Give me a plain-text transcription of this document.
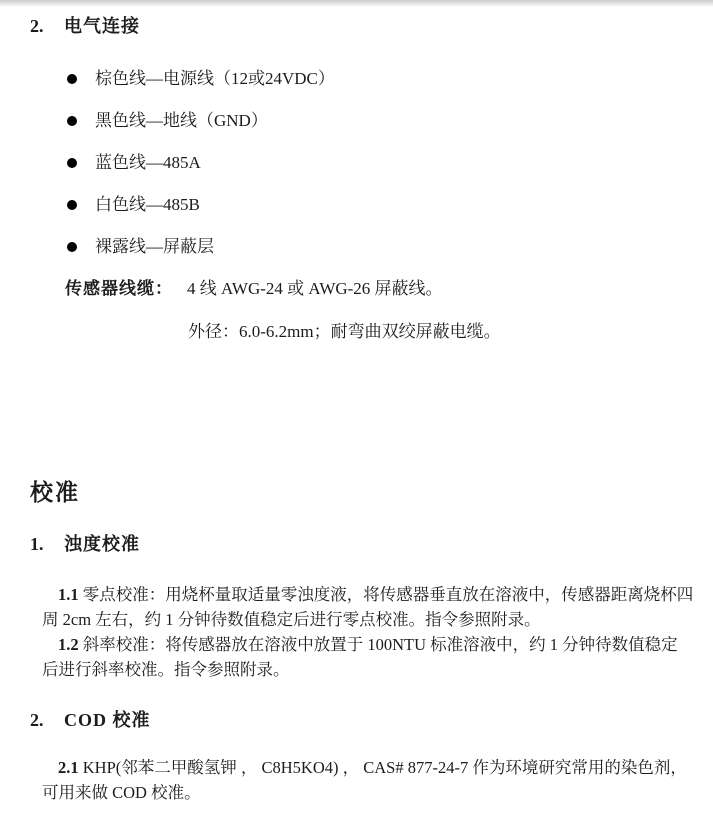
2. 电气连接
棕色线—电源线（12或24VDC）
黑色线—地线（GND）
蓝色线—485A
白色线—485B
裸露线—屏蔽层
传感器线缆： 4 线 AWG-24 或 AWG-26 屏蔽线。
外径：6.0-6.2mm；耐弯曲双绞屏蔽电缆。
校准
1. 浊度校准

1.1 零点校准：用烧杯量取适量零浊度液，将传感器垂直放在溶液中，传感器距离烧杯四周 2cm 左右，约 1 分钟待数值稳定后进行零点校准。指令参照附录。

1.2 斜率校准：将传感器放在溶液中放置于 100NTU 标准溶液中，约 1 分钟待数值稳定后进行斜率校准。指令参照附录。

2. COD 校准

2.1 KHP(邻苯二甲酸氢钾 ， C8H5KO4) ， CAS# 877-24-7 作为环境研究常用的染色剂，可用来做 COD 校准。
